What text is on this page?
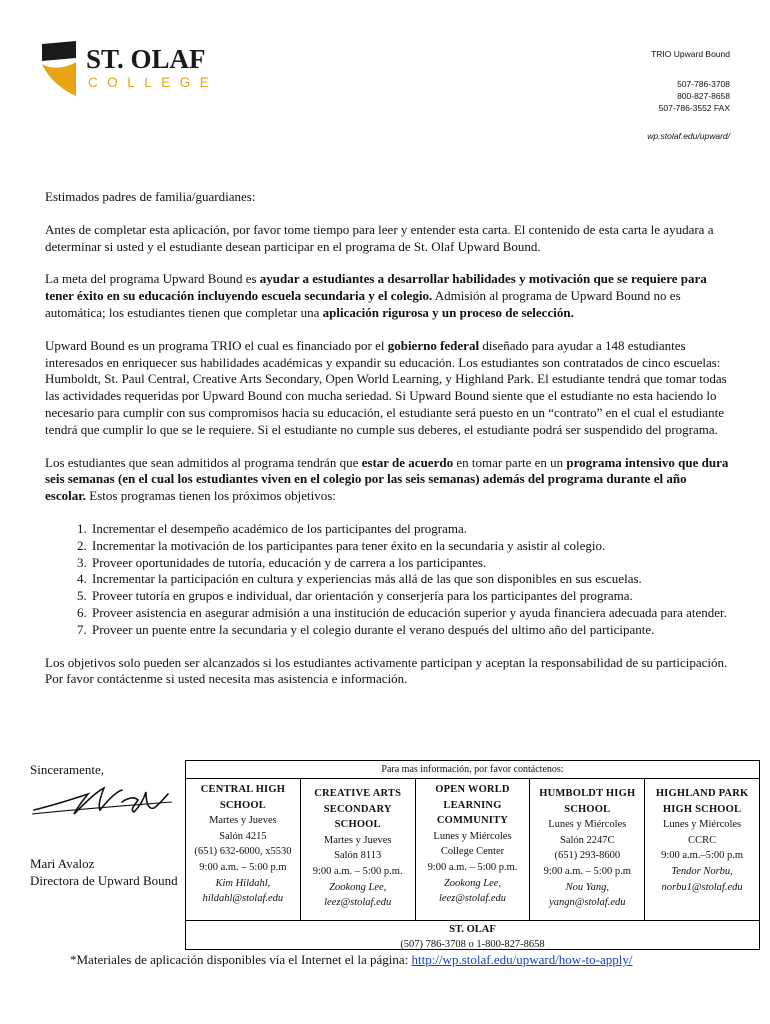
ST. OLAF
COLLEGE
TRIO Upward Bound
507-786-3708
800-827-8658
507-786-3552 FAX
wp.stolaf.edu/upward/

Estimados padres de familia/guardianes:

Antes de completar esta aplicación, por favor tome tiempo para leer y entender esta carta. El contenido de esta carta le ayudara a determinar si usted y el estudiante desean participar en el programa de St. Olaf Upward Bound.

La meta del programa Upward Bound es ayudar a estudiantes a desarrollar habilidades y motivación que se requiere para tener éxito en su educación incluyendo escuela secundaria y el colegio. Admisión al programa de Upward Bound no es automática; los estudiantes tienen que completar una aplicación rigurosa y un proceso de selección.

Upward Bound es un programa TRIO el cual es financiado por el gobierno federal diseñado para ayudar a 148 estudiantes interesados en enriquecer sus habilidades académicas y expandir su educación. Los estudiantes son contratados de cinco escuelas: Humboldt, St. Paul Central, Creative Arts Secondary, Open World Learning, y Highland Park. El estudiante tendrá que tomar todas las actividades requeridas por Upward Bound con mucha seriedad. Si Upward Bound siente que el estudiante no esta haciendo lo necesario para cumplir con sus compromisos hacia su educación, el estudiante será puesto en un “contrato” en el cual el estudiante tendrá que cumplir lo que se le requiere. Si el estudiante no cumple sus deberes, el estudiante podrá ser suspendido del programa.

Los estudiantes que sean admitidos al programa tendrán que estar de acuerdo en tomar parte en un programa intensivo que dura seis semanas (en el cual los estudiantes viven en el colegio por las seis semanas) además del programa durante el año escolar. Estos programas tienen los próximos objetivos:

1. Incrementar el desempeño académico de los participantes del programa.
2. Incrementar la motivación de los participantes para tener éxito en la secundaria y asistir al colegio.
3. Proveer oportunidades de tutoría, educación y de carrera a los participantes.
4. Incrementar la participación en cultura y experiencias más allá de las que son disponibles en sus escuelas.
5. Proveer tutoría en grupos e individual, dar orientación y conserjería para los participantes del programa.
6. Proveer asistencia en asegurar admisión a una institución de educación superior y ayuda financiera adecuada para atender.
7. Proveer un puente entre la secundaria y el colegio durante el verano después del ultimo año del participante.

Los objetivos solo pueden ser alcanzados si los estudiantes activamente participan y aceptan la responsabilidad de su participación. Por favor contáctenme si usted necesita mas asistencia e información.

Sinceramente,
Mari Avaloz
Directora de Upward Bound
Para mas información, por favor contáctenos:
CENTRAL HIGH SCHOOL
Martes y Jueves
Salón 4215
(651) 632-6000, x5530
9:00 a.m. – 5:00 p.m
Kim Hildahl,
hildahl@stolaf.edu
CREATIVE ARTS SECONDARY SCHOOL
Martes y Jueves
Salón 8113
9:00 a.m. – 5:00 p.m.
Zookong Lee,
leez@stolaf.edu
OPEN WORLD LEARNING COMMUNITY
Lunes y Miércoles
College Center
9:00 a.m. – 5:00 p.m.
Zookong Lee,
leez@stolaf.edu
HUMBOLDT HIGH SCHOOL
Lunes y Miércoles
Salón 2247C
(651) 293-8600
9:00 a.m. – 5:00 p.m
Nou Yang,
yangn@stolaf.edu
HIGHLAND PARK HIGH SCHOOL
Lunes y Miércoles
CCRC
9:00 a.m.–5:00 p.m
Tendor Norbu,
norbu1@stolaf.edu
ST. OLAF
(507) 786-3708 o 1-800-827-8658
*Materiales de aplicación disponibles vía el Internet el la página: http://wp.stolaf.edu/upward/how-to-apply/
